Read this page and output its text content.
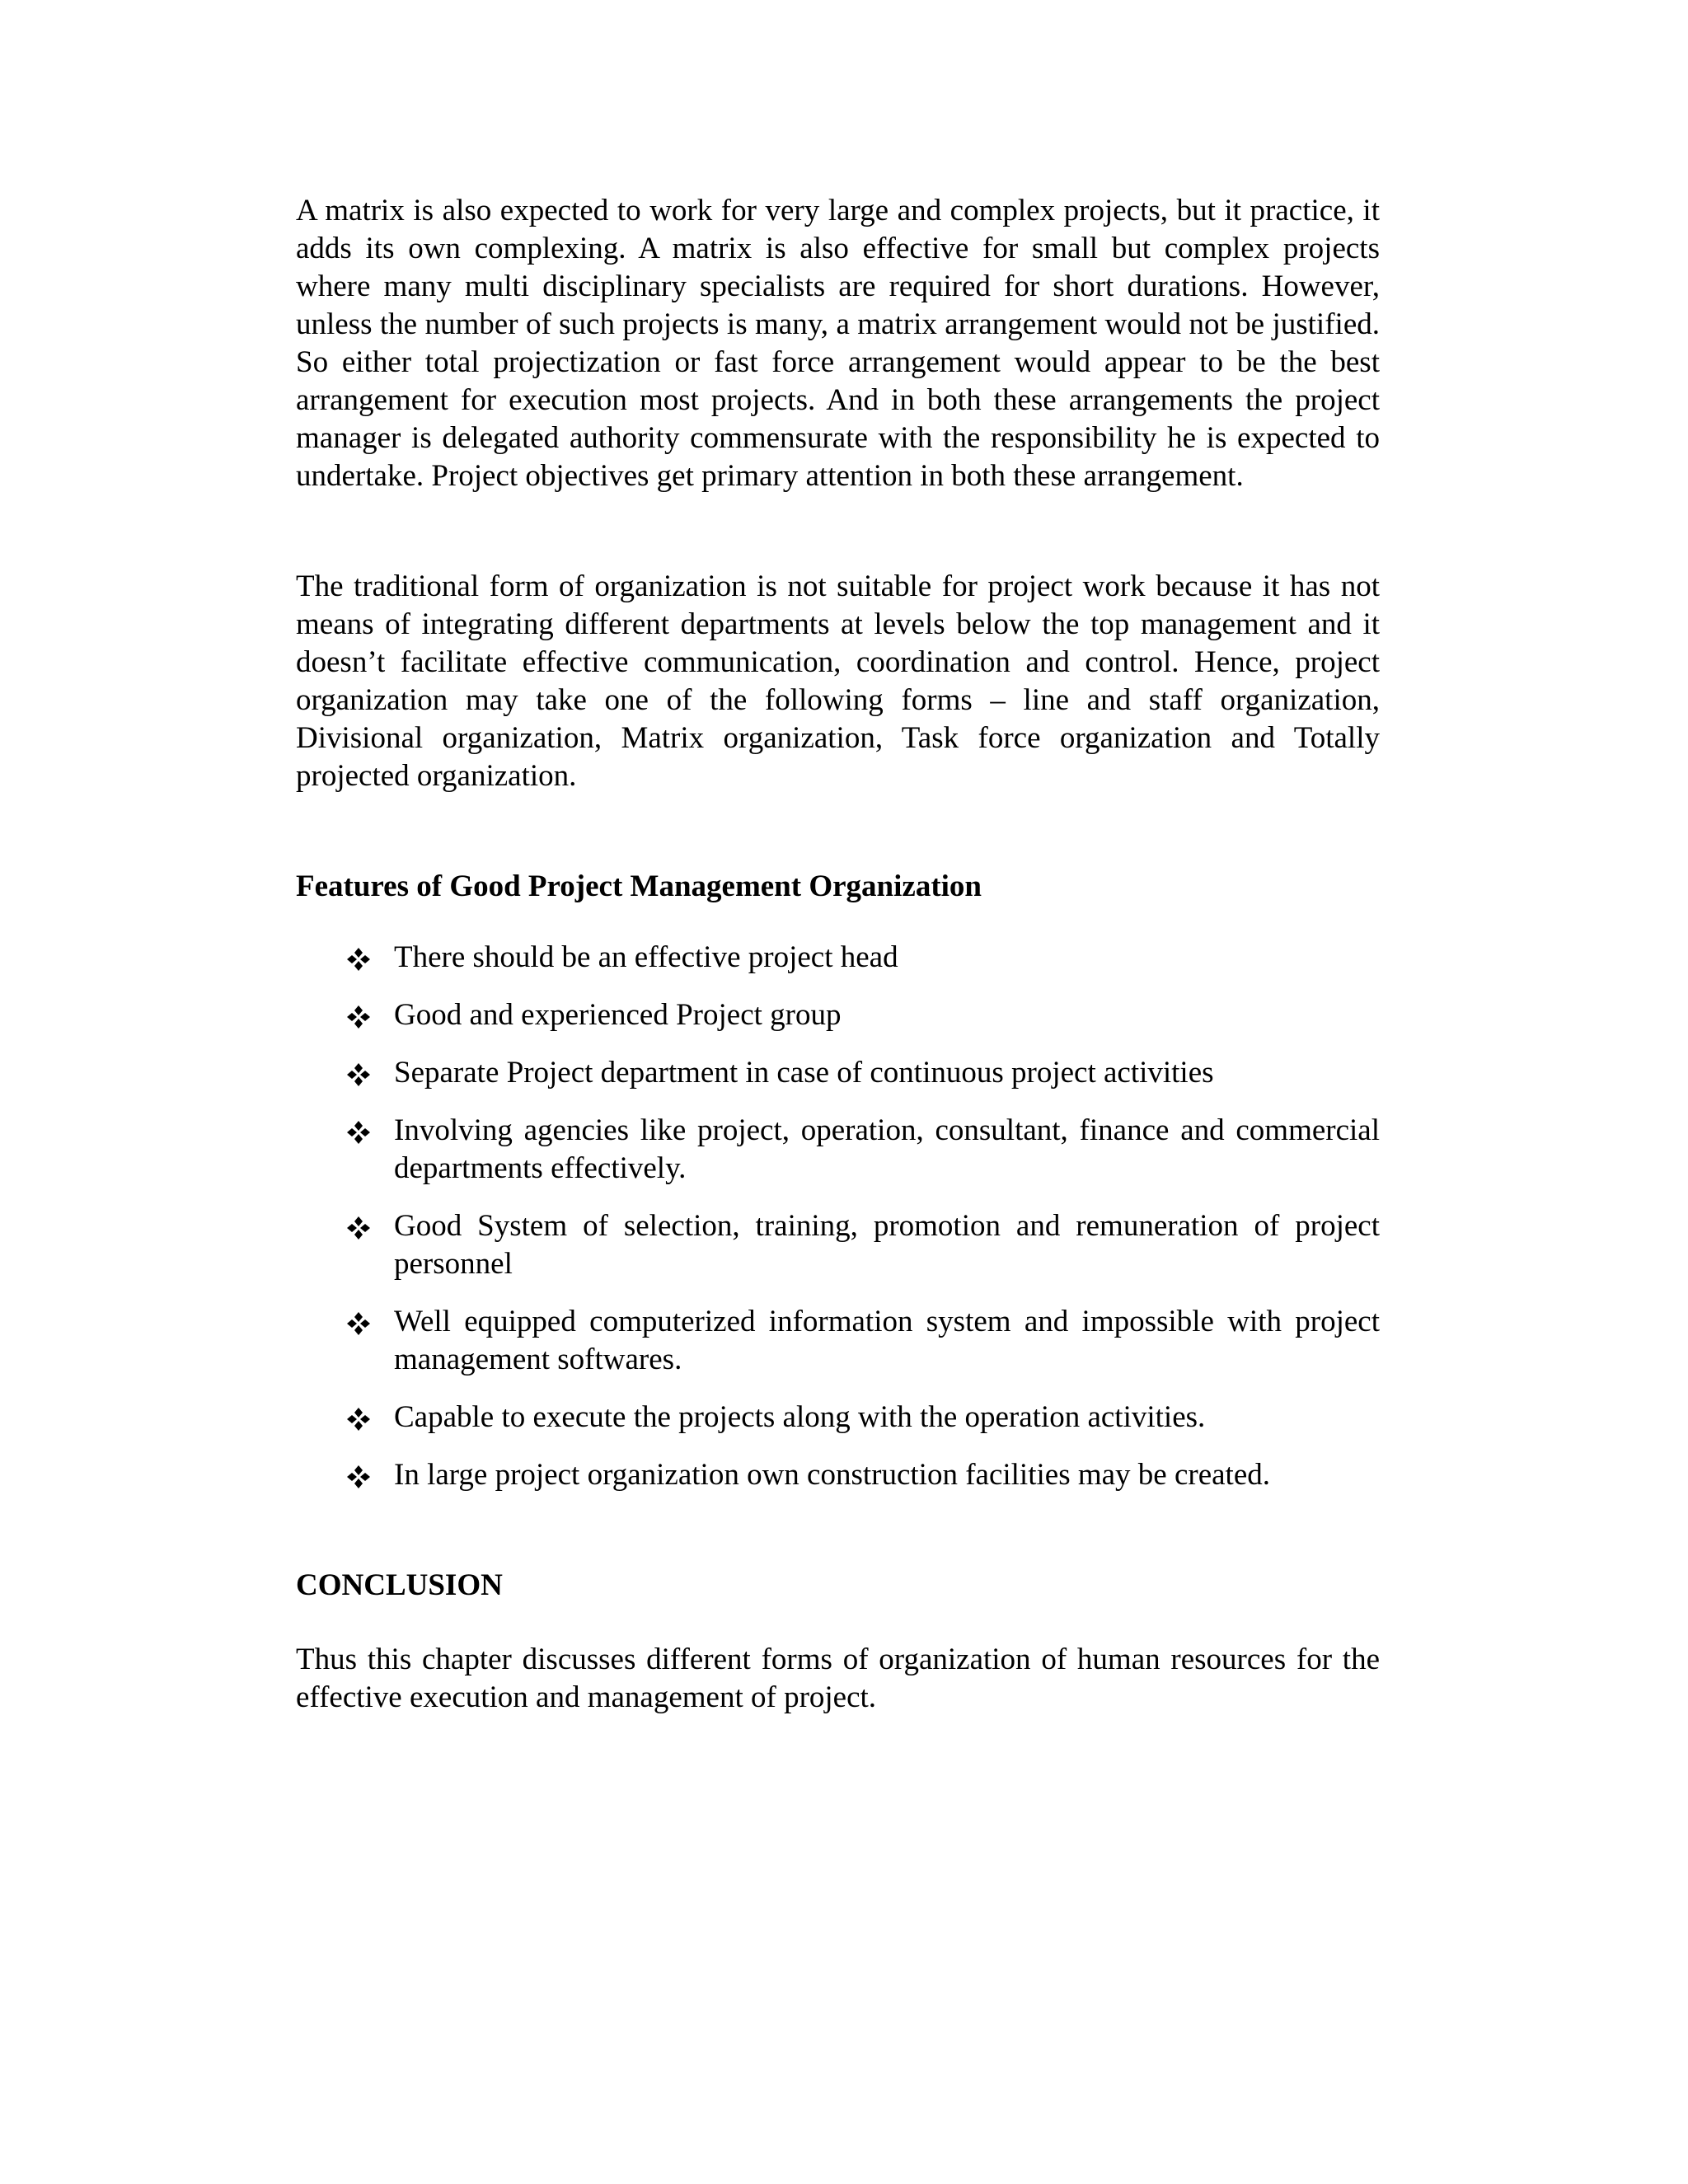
A matrix is also expected to work for very large and complex projects, but it practice, it adds its own complexing. A matrix is also effective for small but complex projects where many multi disciplinary specialists are required for short durations. However, unless the number of such projects is many, a matrix arrangement would not be justified. So either total projectization or fast force arrangement would appear to be the best arrangement for execution most projects. And in both these arrangements the project manager is delegated authority commensurate with the responsibility he is expected to undertake. Project objectives get primary attention in both these arrangement.

The traditional form of organization is not suitable for project work because it has not means of integrating different departments at levels below the top management and it doesn’t facilitate effective communication, coordination and control. Hence, project organization may take one of the following forms – line and staff organization, Divisional organization, Matrix organization, Task force organization and Totally projected organization.

Features of Good Project Management Organization
There should be an effective project head
Good and experienced Project group
Separate Project department in case of continuous project activities
Involving agencies like project, operation, consultant, finance and commercial departments effectively.
Good System of selection, training, promotion and remuneration of project personnel
Well equipped computerized information system and impossible with project management softwares.
Capable to execute the projects along with the operation activities.
In large project organization own construction facilities may be created.
CONCLUSION

Thus this chapter discusses different forms of organization of human resources for the effective execution and management of project.
